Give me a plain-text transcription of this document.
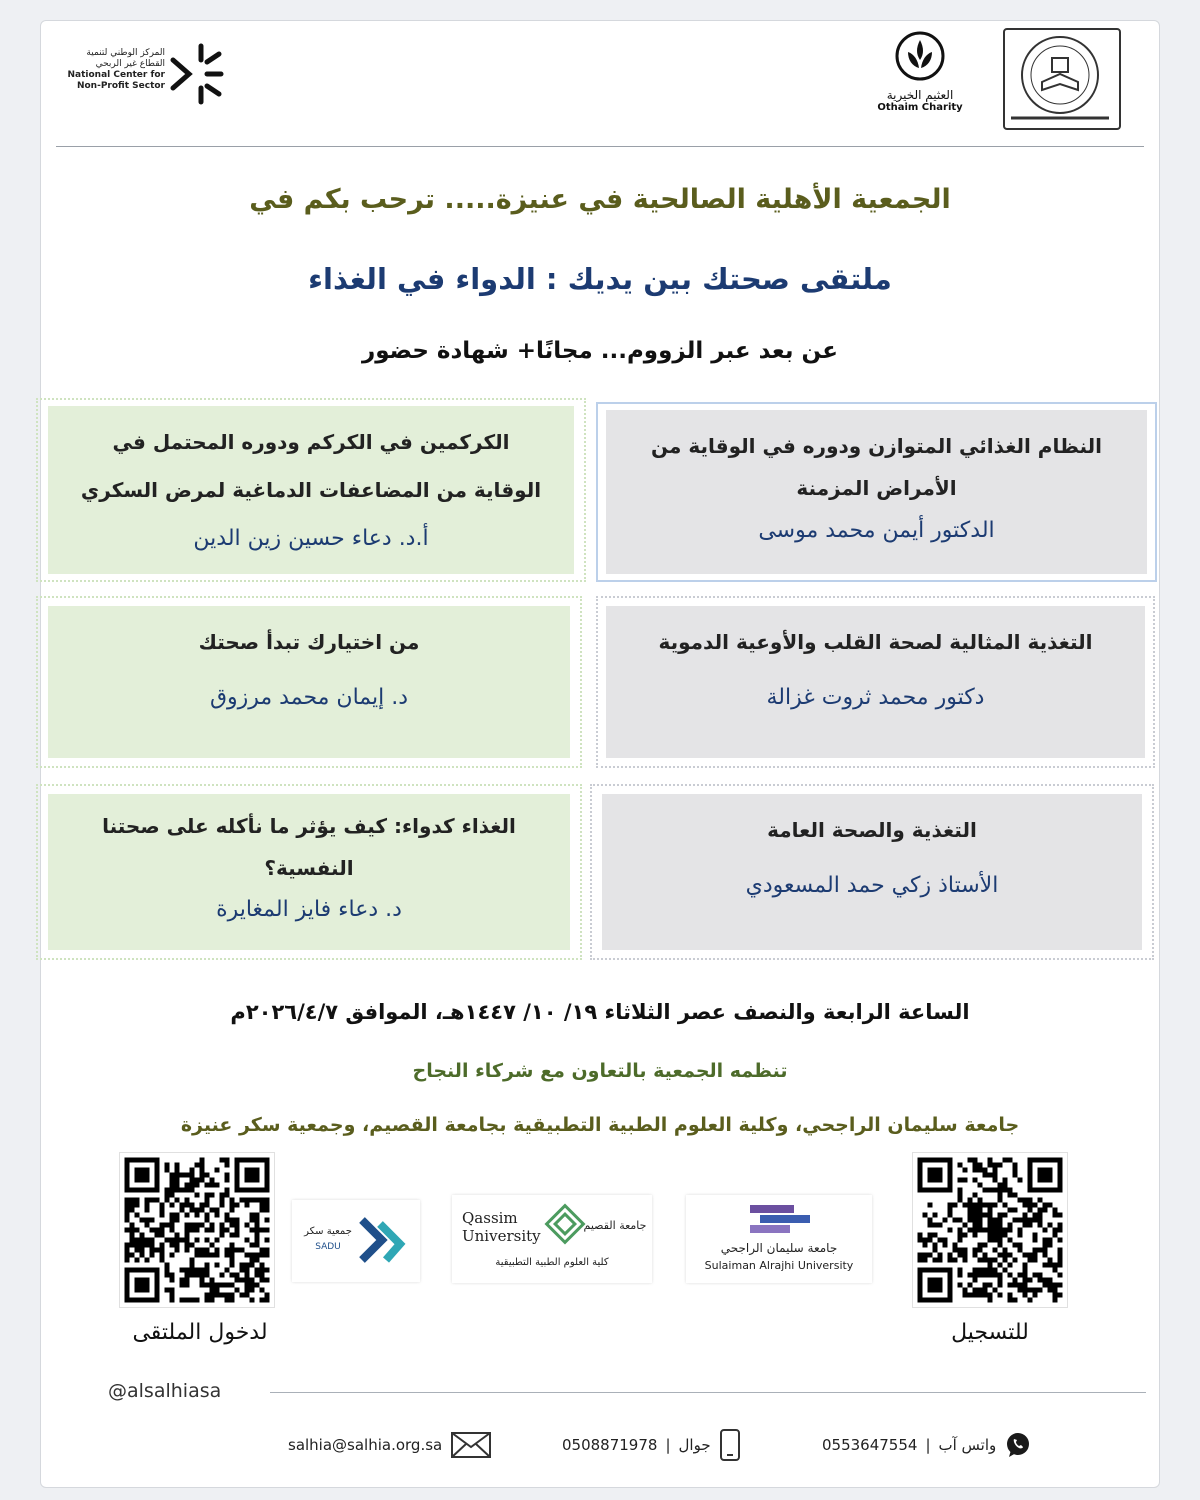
المركز الوطني لتنمية
القطاع غير الربحي
National Center for
Non-Profit Sector
العثيم الخيرية
Othaim Charity
الجمعية الأهلية الصالحية في عنيزة..... ترحب بكم في
ملتقى صحتك بين يديك : الدواء في الغذاء
عن بعد عبر الزووم... مجانًا+ شهادة حضور
النظام الغذائي المتوازن ودوره في الوقاية من
الأمراض المزمنة
الدكتور أيمن محمد موسى
الكركمين في الكركم ودوره المحتمل في
الوقاية من المضاعفات الدماغية لمرض السكري
أ.د. دعاء حسين زين الدين
التغذية المثالية لصحة القلب والأوعية الدموية
دكتور محمد ثروت غزالة
من اختيارك تبدأ صحتك
د. إيمان محمد مرزوق
التغذية والصحة العامة
الأستاذ زكي حمد المسعودي
الغذاء كدواء: كيف يؤثر ما نأكله على صحتنا
النفسية؟
د. دعاء فايز المغايرة
الساعة الرابعة والنصف عصر الثلاثاء ١٩/ ١٠/ ١٤٤٧هـ، الموافق ٢٠٢٦/٤/٧م
تنظمه الجمعية بالتعاون مع شركاء النجاح
جامعة سليمان الراجحي، وكلية العلوم الطبية التطبيقية بجامعة القصيم، وجمعية سكر عنيزة
لدخول الملتقى	للتسجيل
جمعية سكر
SADU
Qassim
University
جامعة القصيم
كلية العلوم الطبية التطبيقية
جامعة سليمان الراجحي
Sulaiman Alrajhi University
@alsalhiasa
salhia@salhia.org.sa	0508871978 | جوال	0553647554 | واتس آب
